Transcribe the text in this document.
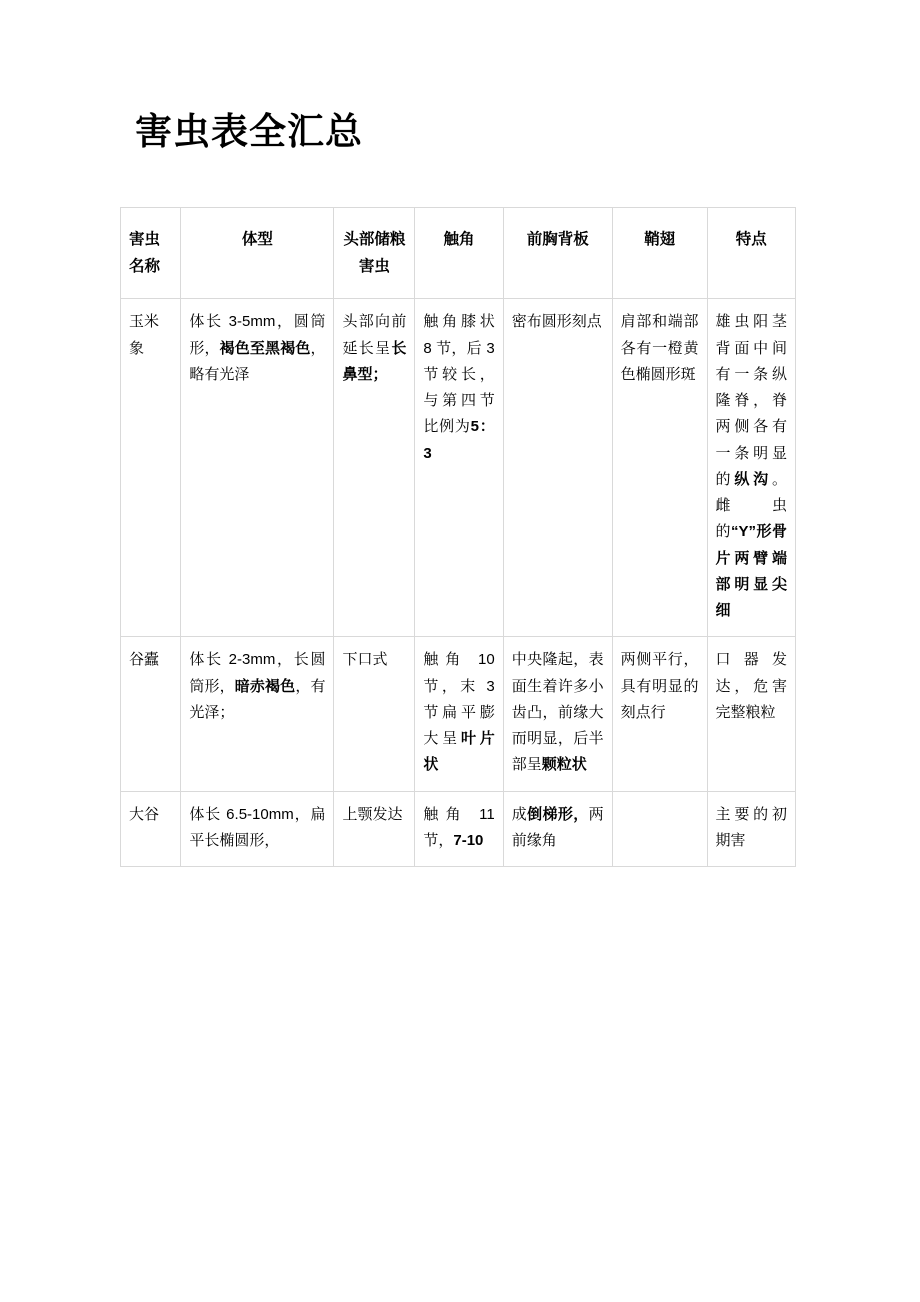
害虫表全汇总
害虫名称	体型	头部储粮害虫	触角	前胸背板	鞘翅	特点
玉米象	体长 3-5mm，圆筒形，褐色至黑褐色，略有光泽	头部向前延长呈长鼻型；	触角膝状 8 节，后 3 节较长，与第四节比例为5：3	密布圆形刻点	肩部和端部各有一橙黄色椭圆形斑	雄虫阳茎背面中间有一条纵隆脊，脊两侧各有一条明显的纵沟。雌虫的“Y”形骨片两臂端部明显尖细
谷蠹	体长 2-3mm，长圆筒形，暗赤褐色，有光泽；	下口式	触角 10 节，末 3 节扁平膨大呈叶片状	中央隆起，表面生着许多小齿凸，前缘大而明显，后半部呈颗粒状	两侧平行，具有明显的刻点行	口器发达，危害完整粮粒
大谷	体长 6.5-10mm，扁平长椭圆形，	上颚发达	触角 11 节，7-10	成倒梯形，两前缘角		主要的初期害
